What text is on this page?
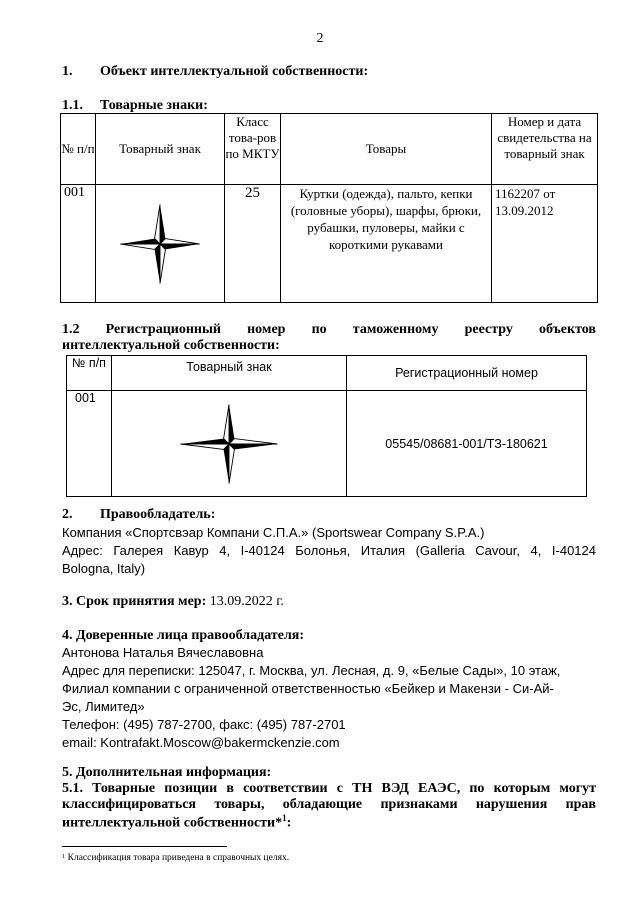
2
1. Объект интеллектуальной собственности:
1.1. Товарные знаки:
№ п/п	Товарный знак	Класс това-ров по МКТУ	Товары	Номер и дата свидетельства на товарный знак
001		25	Куртки (одежда), пальто, кепки (головные уборы), шарфы, брюки, рубашки, пуловеры, майки с короткими рукавами	1162207 от 13.09.2012
1.2 Регистрационный номер по таможенному реестру объектов
интеллектуальной собственности:
№ п/п	Товарный знак	Регистрационный номер
001		05545/08681-001/ТЗ-180621
2. Правообладатель:
Компания «Спортсвэар Компани С.П.А.» (Sportswear Company S.P.A.)
Адрес: Галерея Кавур 4, I-40124 Болонья, Италия (Galleria Cavour, 4, I-40124
Bologna, Italy)
3. Срок принятия мер: 13.09.2022 г.
4. Доверенные лица правообладателя:
Антонова Наталья Вячеславовна
Адрес для переписки: 125047, г. Москва, ул. Лесная, д. 9, «Белые Сады», 10 этаж,
Филиал компании с ограниченной ответственностью «Бейкер и Макензи - Си-Ай-
Эс, Лимитед»
Телефон: (495) 787-2700, факс: (495) 787-2701
email: Kontrafakt.Moscow@bakermckenzie.com
5. Дополнительная информация:
5.1. Товарные позиции в соответствии с ТН ВЭД ЕАЭС, по которым могут
классифицироваться товары, обладающие признаками нарушения прав
интеллектуальной собственности*$^1$:
$^1$ Классификация товара приведена в справочных целях.
